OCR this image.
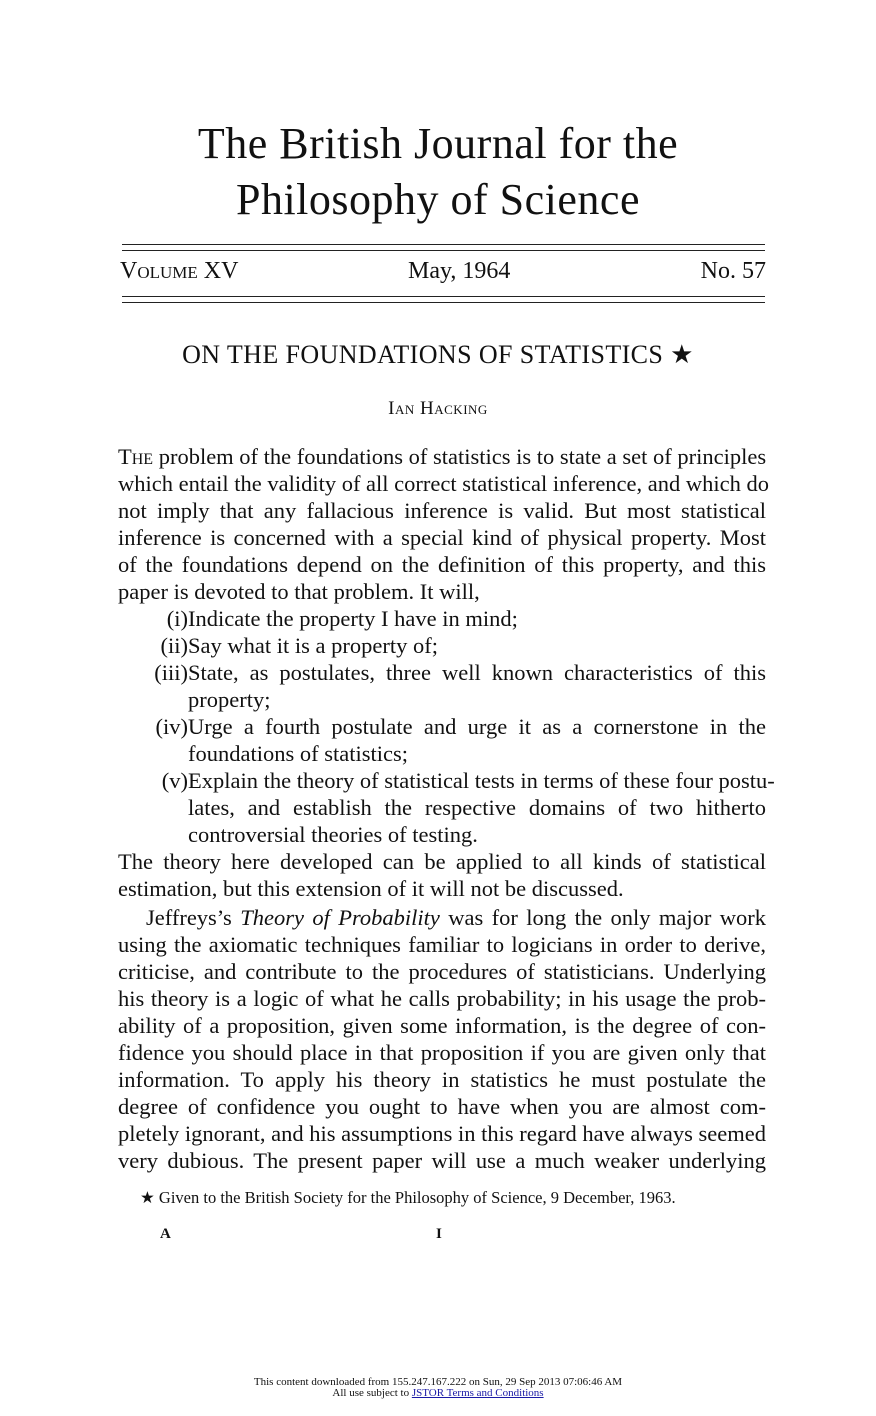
The British Journal for the
Philosophy of Science
Volume XV	May, 1964	No. 57
ON THE FOUNDATIONS OF STATISTICS ★
Ian Hacking
The problem of the foundations of statistics is to state a set of principles
which entail the validity of all correct statistical inference, and which do
not imply that any fallacious inference is valid. But most statistical
inference is concerned with a special kind of physical property. Most
of the foundations depend on the definition of this property, and this
paper is devoted to that problem. It will,
(i) Indicate the property I have in mind;
(ii) Say what it is a property of;
(iii) State, as postulates, three well known characteristics of this
property;
(iv) Urge a fourth postulate and urge it as a cornerstone in the
foundations of statistics;
(v) Explain the theory of statistical tests in terms of these four postu-
lates, and establish the respective domains of two hitherto
controversial theories of testing.
The theory here developed can be applied to all kinds of statistical
estimation, but this extension of it will not be discussed.
Jeffreys’s Theory of Probability was for long the only major work
using the axiomatic techniques familiar to logicians in order to derive,
criticise, and contribute to the procedures of statisticians. Underlying
his theory is a logic of what he calls probability; in his usage the prob-
ability of a proposition, given some information, is the degree of con-
fidence you should place in that proposition if you are given only that
information. To apply his theory in statistics he must postulate the
degree of confidence you ought to have when you are almost com-
pletely ignorant, and his assumptions in this regard have always seemed
very dubious. The present paper will use a much weaker underlying
★ Given to the British Society for the Philosophy of Science, 9 December, 1963.
A	I
This content downloaded from 155.247.167.222 on Sun, 29 Sep 2013 07:06:46 AM
All use subject to JSTOR Terms and Conditions
